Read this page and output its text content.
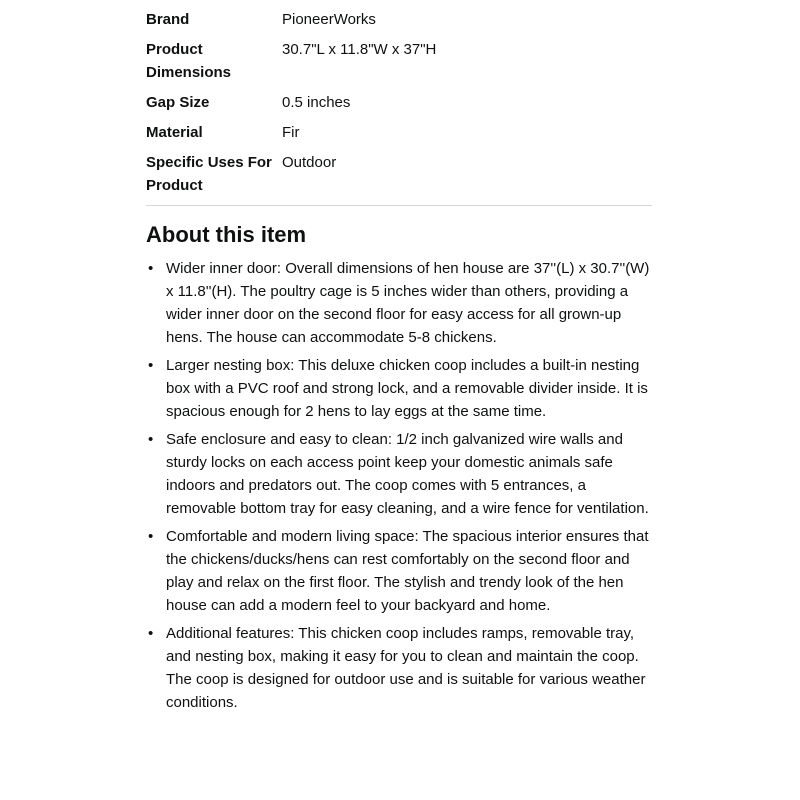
Brand	PioneerWorks
Product Dimensions	30.7"L x 11.8"W x 37"H
Gap Size	0.5 inches
Material	Fir
Specific Uses For Product	Outdoor
About this item
• Wider inner door: Overall dimensions of hen house are 37''(L) x 30.7''(W) x 11.8''(H). The poultry cage is 5 inches wider than others, providing a wider inner door on the second floor for easy access for all grown-up hens. The house can accommodate 5-8 chickens.
• Larger nesting box: This deluxe chicken coop includes a built-in nesting box with a PVC roof and strong lock, and a removable divider inside. It is spacious enough for 2 hens to lay eggs at the same time.
• Safe enclosure and easy to clean: 1/2 inch galvanized wire walls and sturdy locks on each access point keep your domestic animals safe indoors and predators out. The coop comes with 5 entrances, a removable bottom tray for easy cleaning, and a wire fence for ventilation.
• Comfortable and modern living space: The spacious interior ensures that the chickens/ducks/hens can rest comfortably on the second floor and play and relax on the first floor. The stylish and trendy look of the hen house can add a modern feel to your backyard and home.
• Additional features: This chicken coop includes ramps, removable tray, and nesting box, making it easy for you to clean and maintain the coop. The coop is designed for outdoor use and is suitable for various weather conditions.
